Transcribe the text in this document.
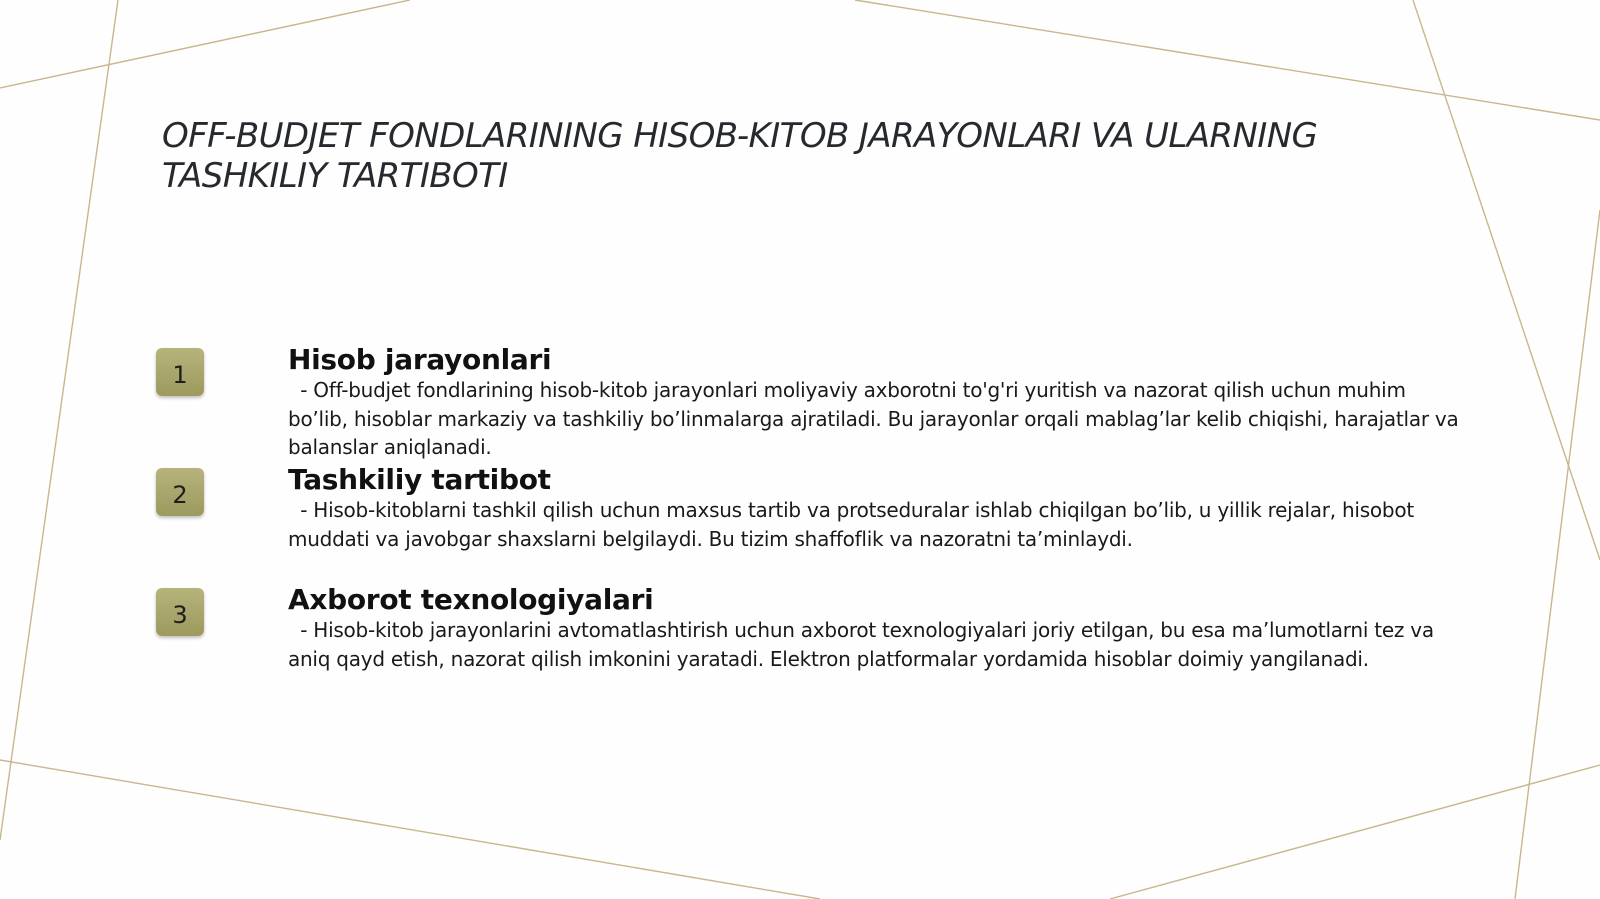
OFF-BUDJET FONDLARINING HISOB-KITOB JARAYONLARI VA ULARNING TASHKILIY TARTIBOTI
1	Hisob jarayonlari

- Off-budjet fondlarining hisob-kitob jarayonlari moliyaviy axborotni to'g'ri yuritish va nazorat qilish uchun muhim bo’lib, hisoblar markaziy va tashkiliy bo’linmalarga ajratiladi. Bu jarayonlar orqali mablag’lar kelib chiqishi, harajatlar va balanslar aniqlanadi.

2	Tashkiliy tartibot

- Hisob-kitoblarni tashkil qilish uchun maxsus tartib va protseduralar ishlab chiqilgan bo’lib, u yillik rejalar, hisobot muddati va javobgar shaxslarni belgilaydi. Bu tizim shaffoflik va nazoratni ta’minlaydi.

3	Axborot texnologiyalari

- Hisob-kitob jarayonlarini avtomatlashtirish uchun axborot texnologiyalari joriy etilgan, bu esa ma’lumotlarni tez va aniq qayd etish, nazorat qilish imkonini yaratadi. Elektron platformalar yordamida hisoblar doimiy yangilanadi.
